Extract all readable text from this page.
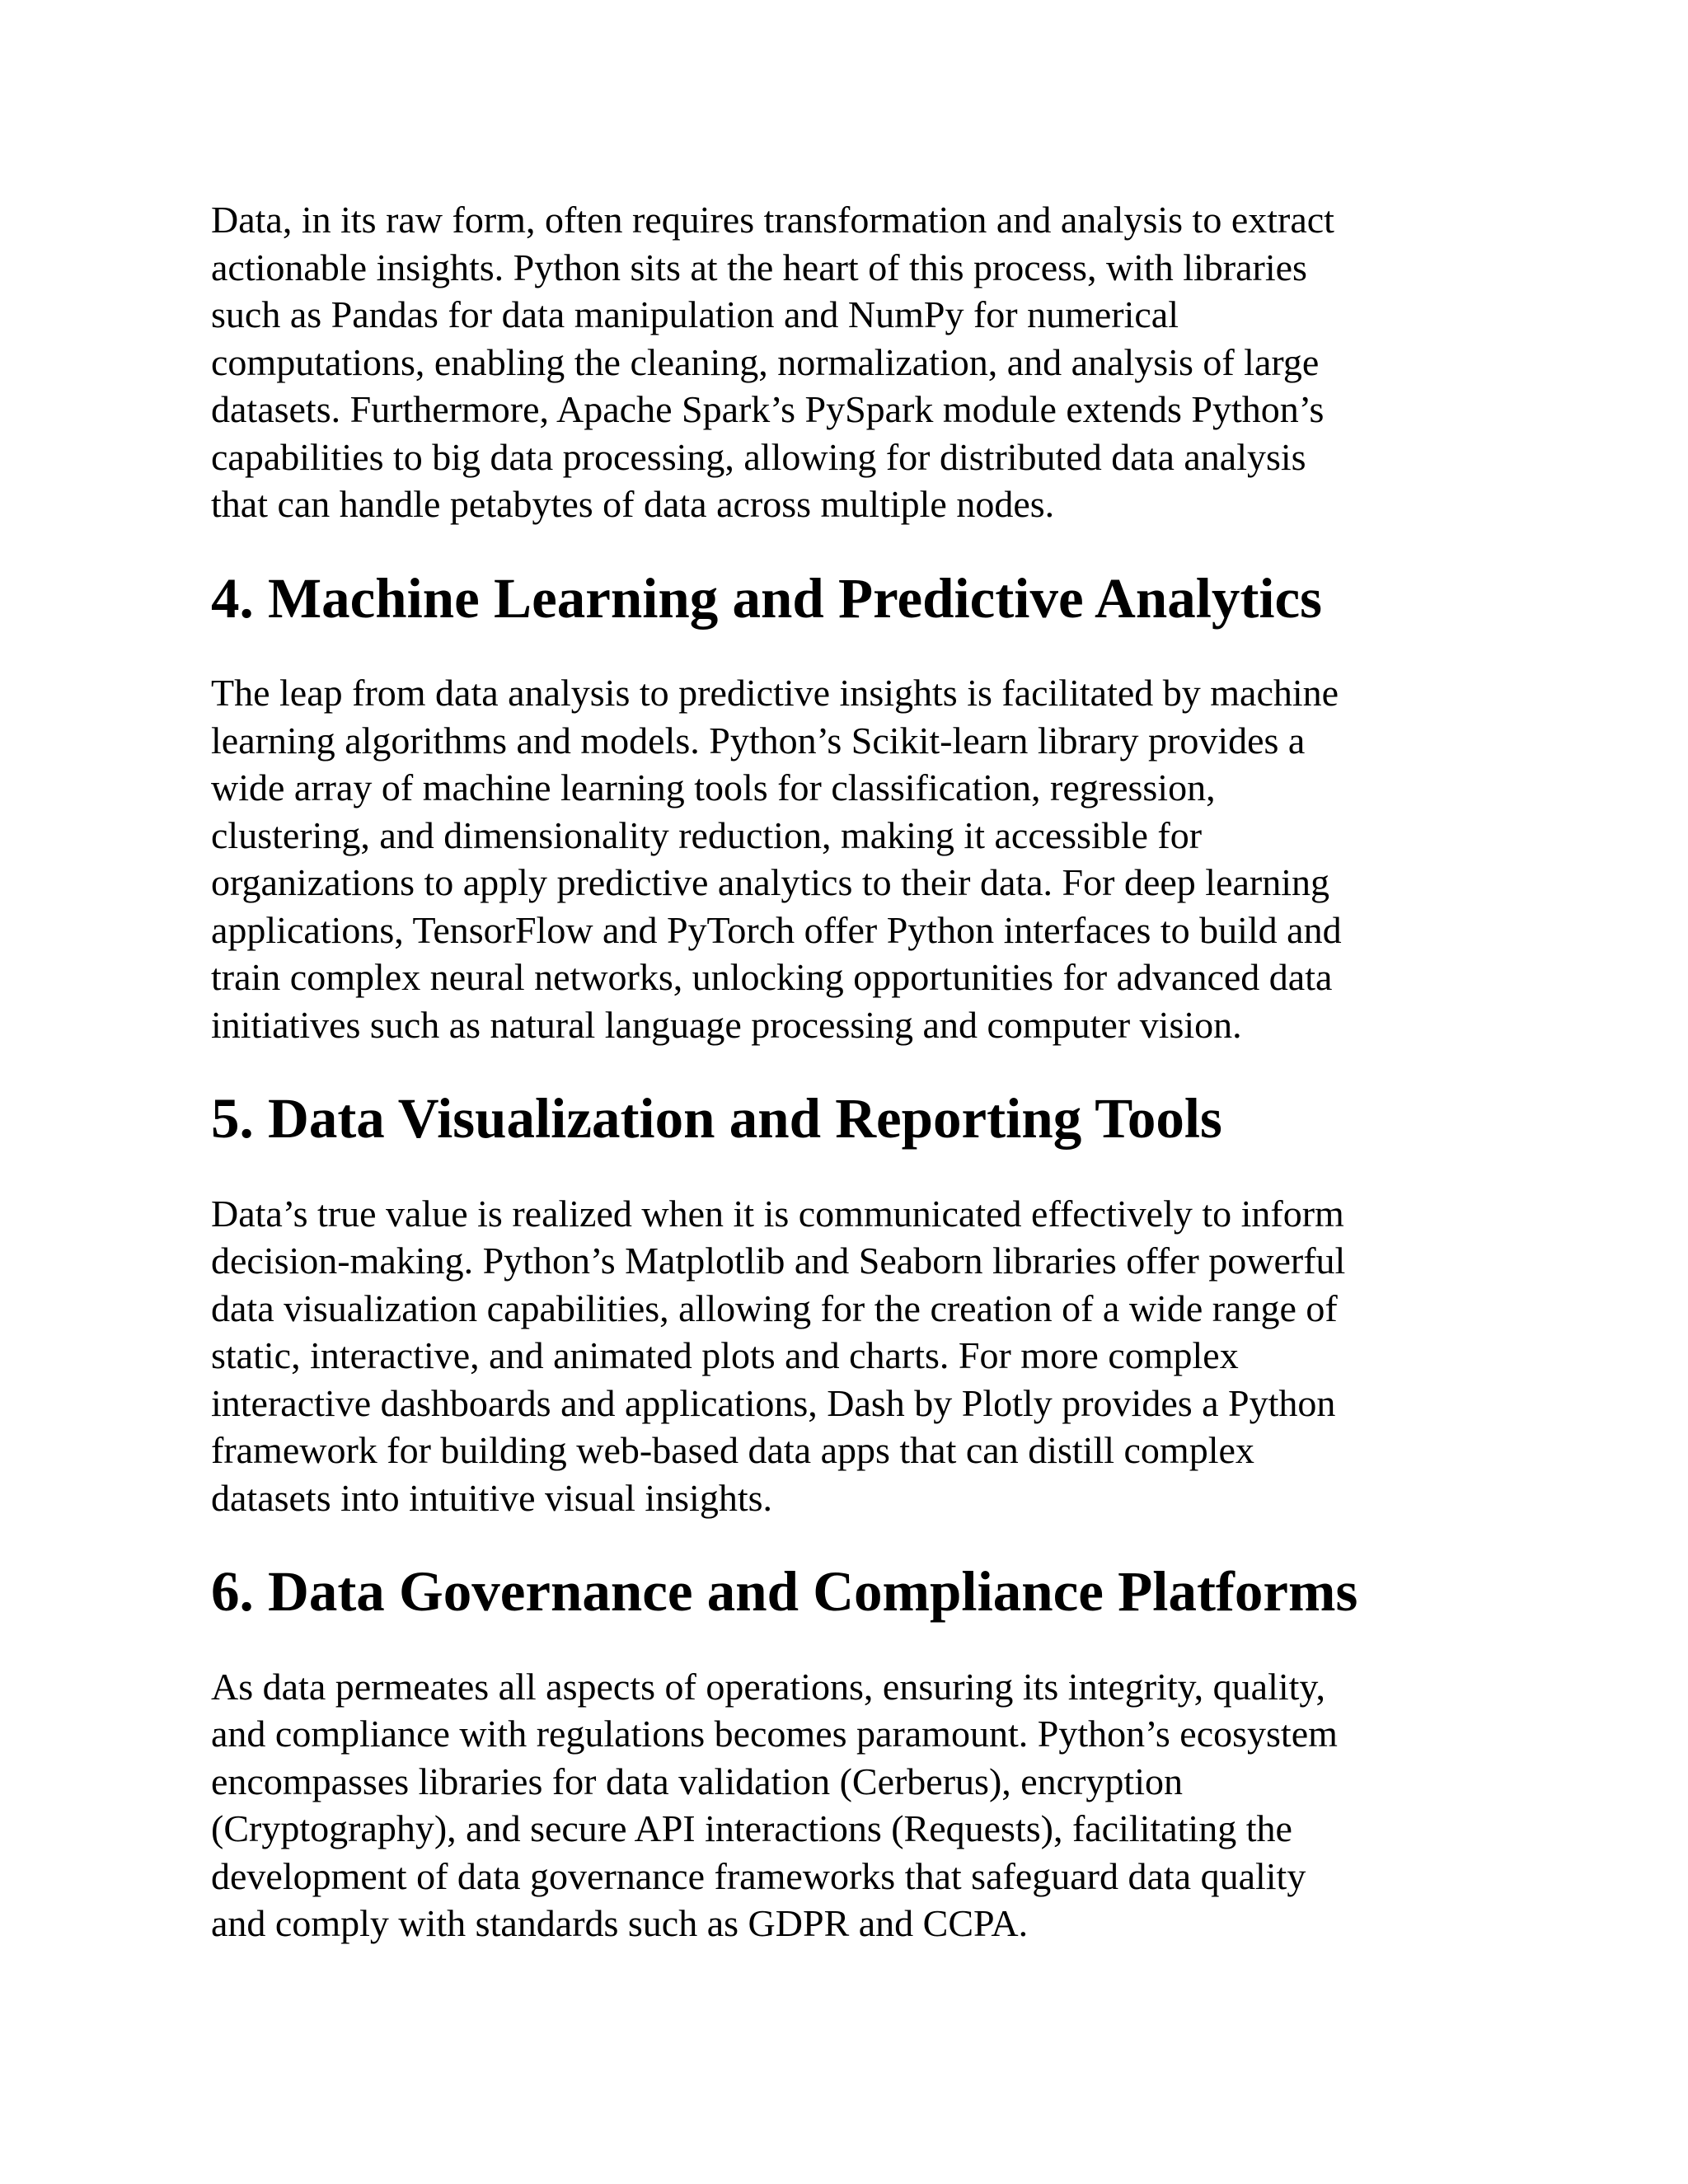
Data, in its raw form, often requires transformation and analysis to extract
actionable insights. Python sits at the heart of this process, with libraries
such as Pandas for data manipulation and NumPy for numerical
computations, enabling the cleaning, normalization, and analysis of large
datasets. Furthermore, Apache Spark’s PySpark module extends Python’s
capabilities to big data processing, allowing for distributed data analysis
that can handle petabytes of data across multiple nodes.

4. Machine Learning and Predictive Analytics

The leap from data analysis to predictive insights is facilitated by machine
learning algorithms and models. Python’s Scikit-learn library provides a
wide array of machine learning tools for classification, regression,
clustering, and dimensionality reduction, making it accessible for
organizations to apply predictive analytics to their data. For deep learning
applications, TensorFlow and PyTorch offer Python interfaces to build and
train complex neural networks, unlocking opportunities for advanced data
initiatives such as natural language processing and computer vision.

5. Data Visualization and Reporting Tools

Data’s true value is realized when it is communicated effectively to inform
decision-making. Python’s Matplotlib and Seaborn libraries offer powerful
data visualization capabilities, allowing for the creation of a wide range of
static, interactive, and animated plots and charts. For more complex
interactive dashboards and applications, Dash by Plotly provides a Python
framework for building web-based data apps that can distill complex
datasets into intuitive visual insights.

6. Data Governance and Compliance Platforms

As data permeates all aspects of operations, ensuring its integrity, quality,
and compliance with regulations becomes paramount. Python’s ecosystem
encompasses libraries for data validation (Cerberus), encryption
(Cryptography), and secure API interactions (Requests), facilitating the
development of data governance frameworks that safeguard data quality
and comply with standards such as GDPR and CCPA.
